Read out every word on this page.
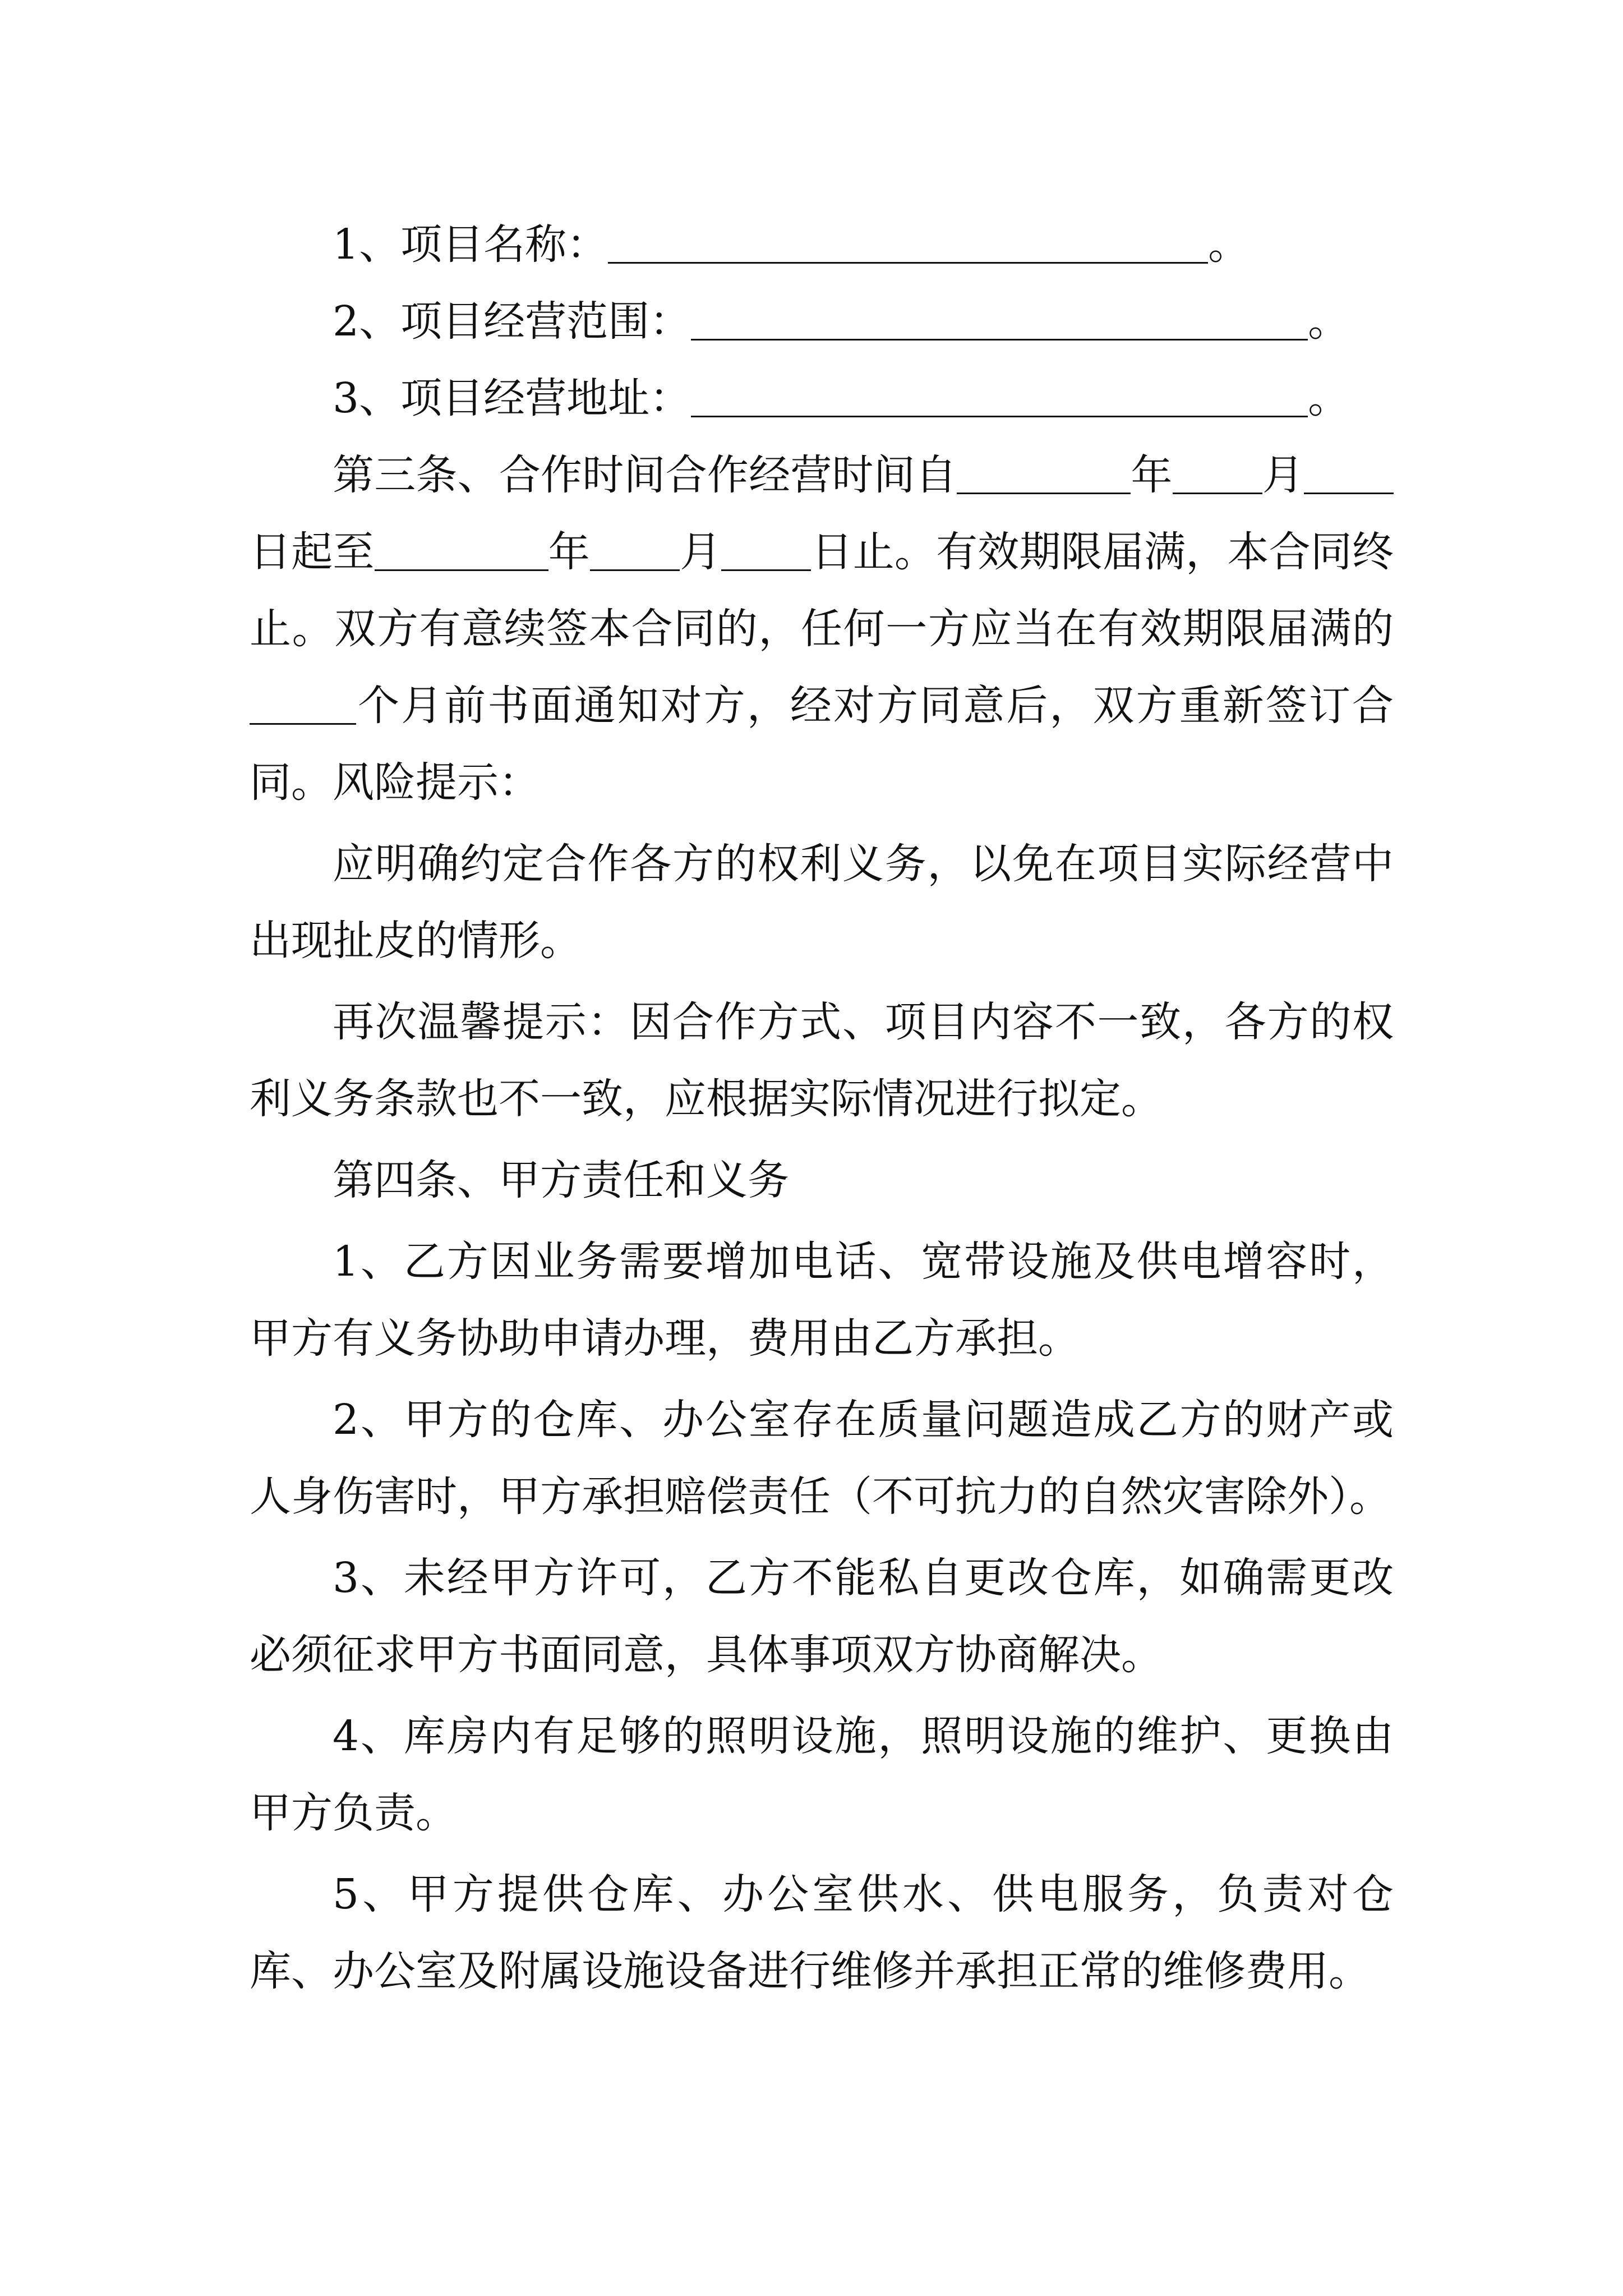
1、项目名称：	。

2、项目经营范围：	。

3、项目经营地址：	。

第三条、合作时间合作经营时间自	年 月日起至	年 月 日止。有效期限届满，本合同终止。双方有意续签本合同的，任何一方应当在有效期限届满的个月前书面通知对方，经对方同意后，双方重新签订合同。风险提示：

应明确约定合作各方的权利义务，以免在项目实际经营中出现扯皮的情形。

再次温馨提示：因合作方式、项目内容不一致，各方的权利义务条款也不一致，应根据实际情况进行拟定。

第四条、甲方责任和义务

1、乙方因业务需要增加电话、宽带设施及供电增容时，甲方有义务协助申请办理，费用由乙方承担。

2、甲方的仓库、办公室存在质量问题造成乙方的财产或人身伤害时，甲方承担赔偿责任（不可抗力的自然灾害除外）。

3、未经甲方许可，乙方不能私自更改仓库，如确需更改必须征求甲方书面同意，具体事项双方协商解决。

4、库房内有足够的照明设施，照明设施的维护、更换由甲方负责。

5、甲方提供仓库、办公室供水、供电服务，负责对仓库、办公室及附属设施设备进行维修并承担正常的维修费用。
